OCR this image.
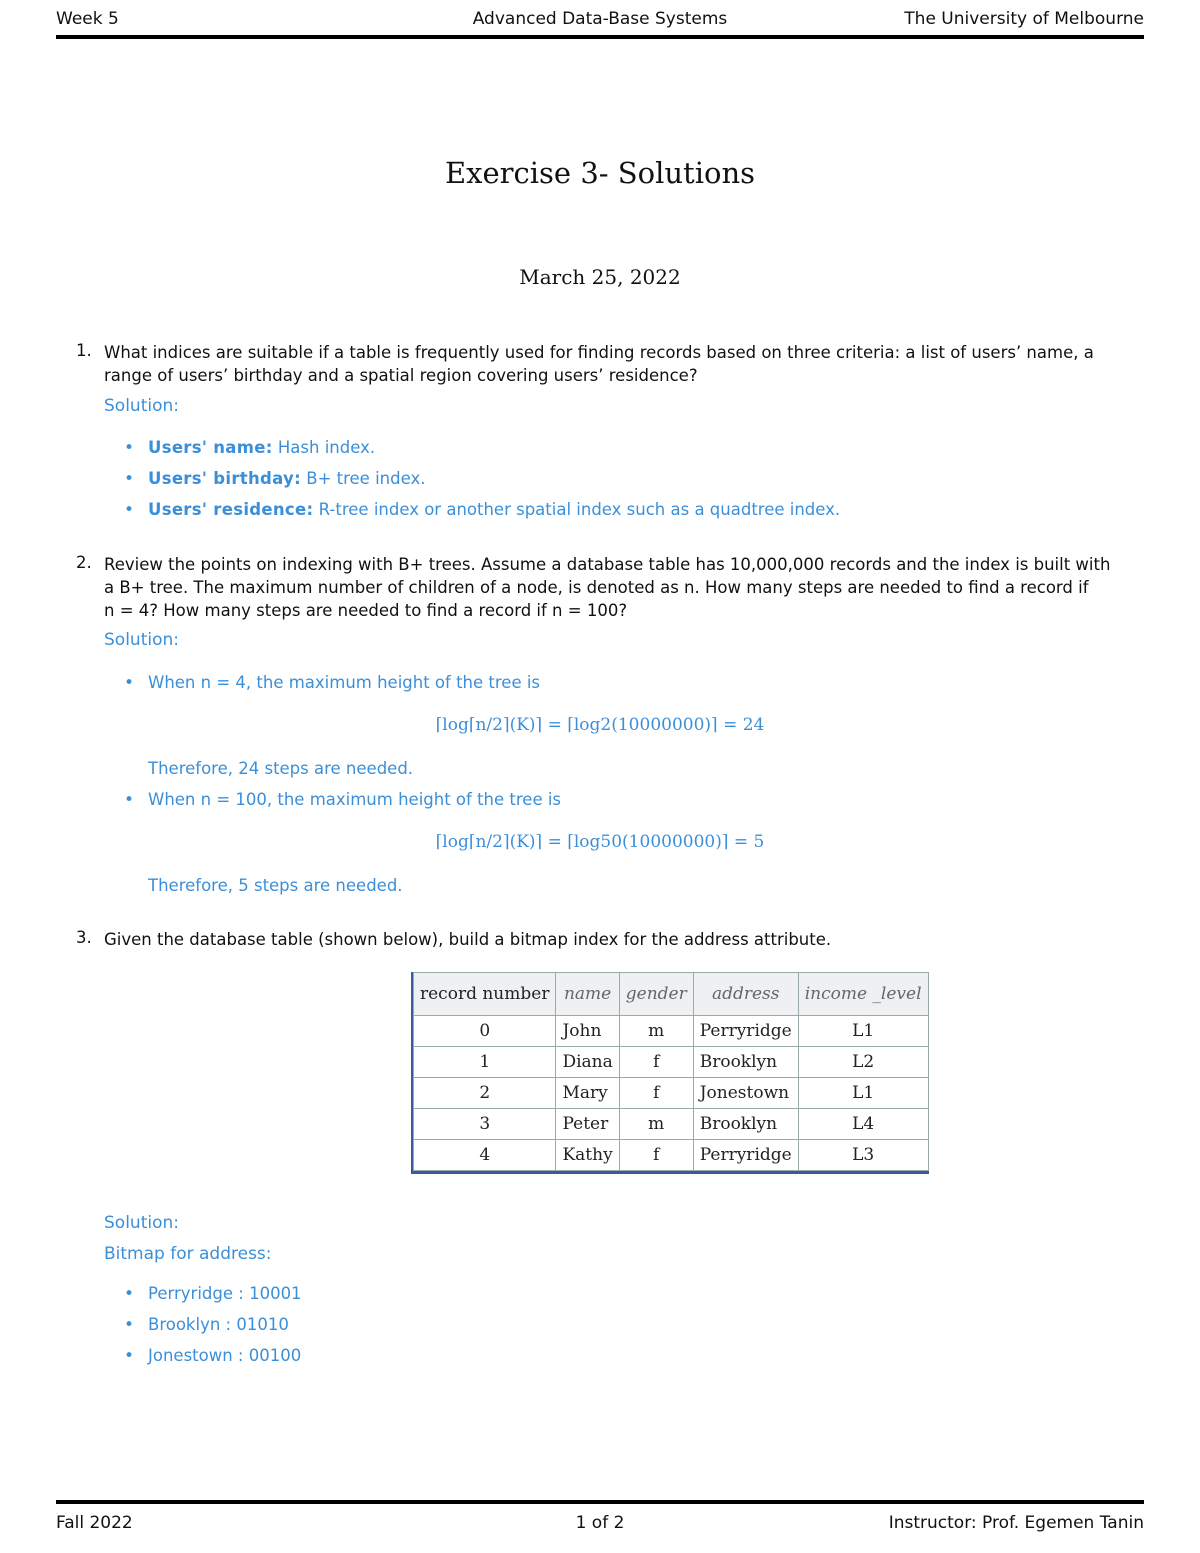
Week 5	Advanced Data-Base Systems	The University of Melbourne
Exercise 3- Solutions
March 25, 2022
1. What indices are suitable if a table is frequently used for finding records based on three criteria: a list of users’ name, a
range of users’ birthday and a spatial region covering users’ residence?
Solution:
• Users' name: Hash index.
• Users' birthday: B+ tree index.
• Users' residence: R-tree index or another spatial index such as a quadtree index.
2. Review the points on indexing with B+ trees. Assume a database table has 10,000,000 records and the index is built with
a B+ tree. The maximum number of children of a node, is denoted as n. How many steps are needed to find a record if
n = 4? How many steps are needed to find a record if n = 100?
Solution:
• When n = 4, the maximum height of the tree is
⌈log⌈n/2⌉(K)⌉ = ⌈log2(10000000)⌉ = 24
Therefore, 24 steps are needed.
• When n = 100, the maximum height of the tree is
⌈log⌈n/2⌉(K)⌉ = ⌈log50(10000000)⌉ = 5
Therefore, 5 steps are needed.
3. Given the database table (shown below), build a bitmap index for the address attribute.
record number	name	gender	address	income _level
0	John	m	Perryridge	L1
1	Diana	f	Brooklyn	L2
2	Mary	f	Jonestown	L1
3	Peter	m	Brooklyn	L4
4	Kathy	f	Perryridge	L3
Solution:
Bitmap for address:
• Perryridge : 10001
• Brooklyn : 01010
• Jonestown : 00100
Fall 2022	1 of 2	Instructor: Prof. Egemen Tanin
